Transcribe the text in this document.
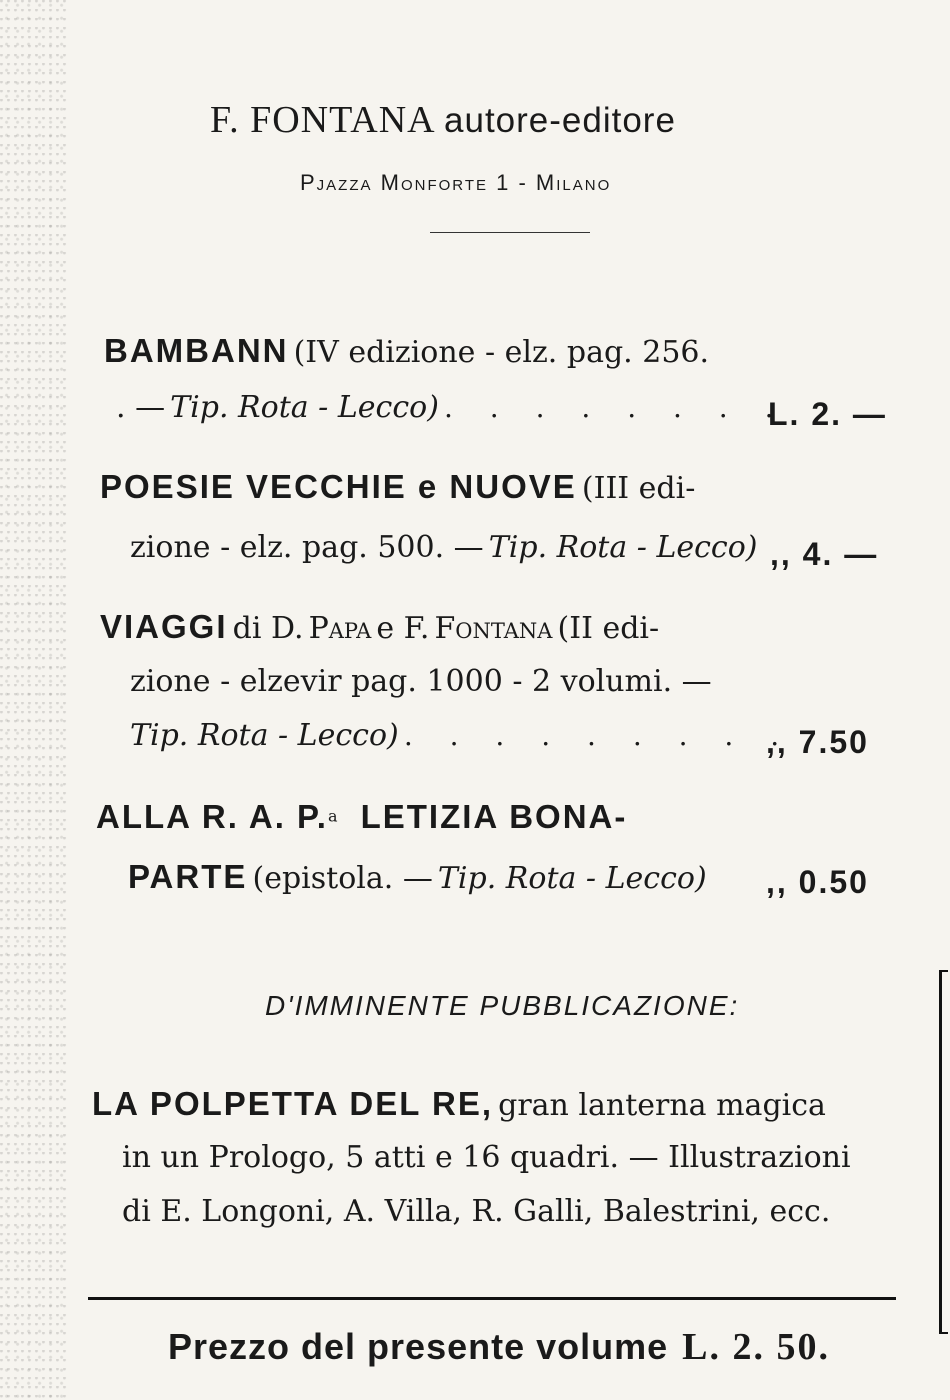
F. FONTANA autore-editore
Pjazza Monforte 1 - Milano
BAMBANN (IV edizione - elz. pag. 256.
. — Tip. Rota - Lecco) . . . . . . . .
L. 2. —
POESIE VECCHIE e NUOVE (III edi-
zione - elz. pag. 500. — Tip. Rota - Lecco) ,, 4. —
VIAGGI di D. Papa e F. Fontana (II edi-
zione - elzevir pag. 1000 - 2 volumi. —
Tip. Rota - Lecco) . . . . . . . . .
,, 7.50
ALLA R. A. P.$^a$ LETIZIA BONA-
PARTE (epistola. — Tip. Rota - Lecco) ,, 0.50
D'IMMINENTE PUBBLICAZIONE:
LA POLPETTA DEL RE, gran lanterna magica
in un Prologo, 5 atti e 16 quadri. — Illustrazioni
di E. Longoni, A. Villa, R. Galli, Balestrini, ecc.
Prezzo del presente volume L. 2. 50.
